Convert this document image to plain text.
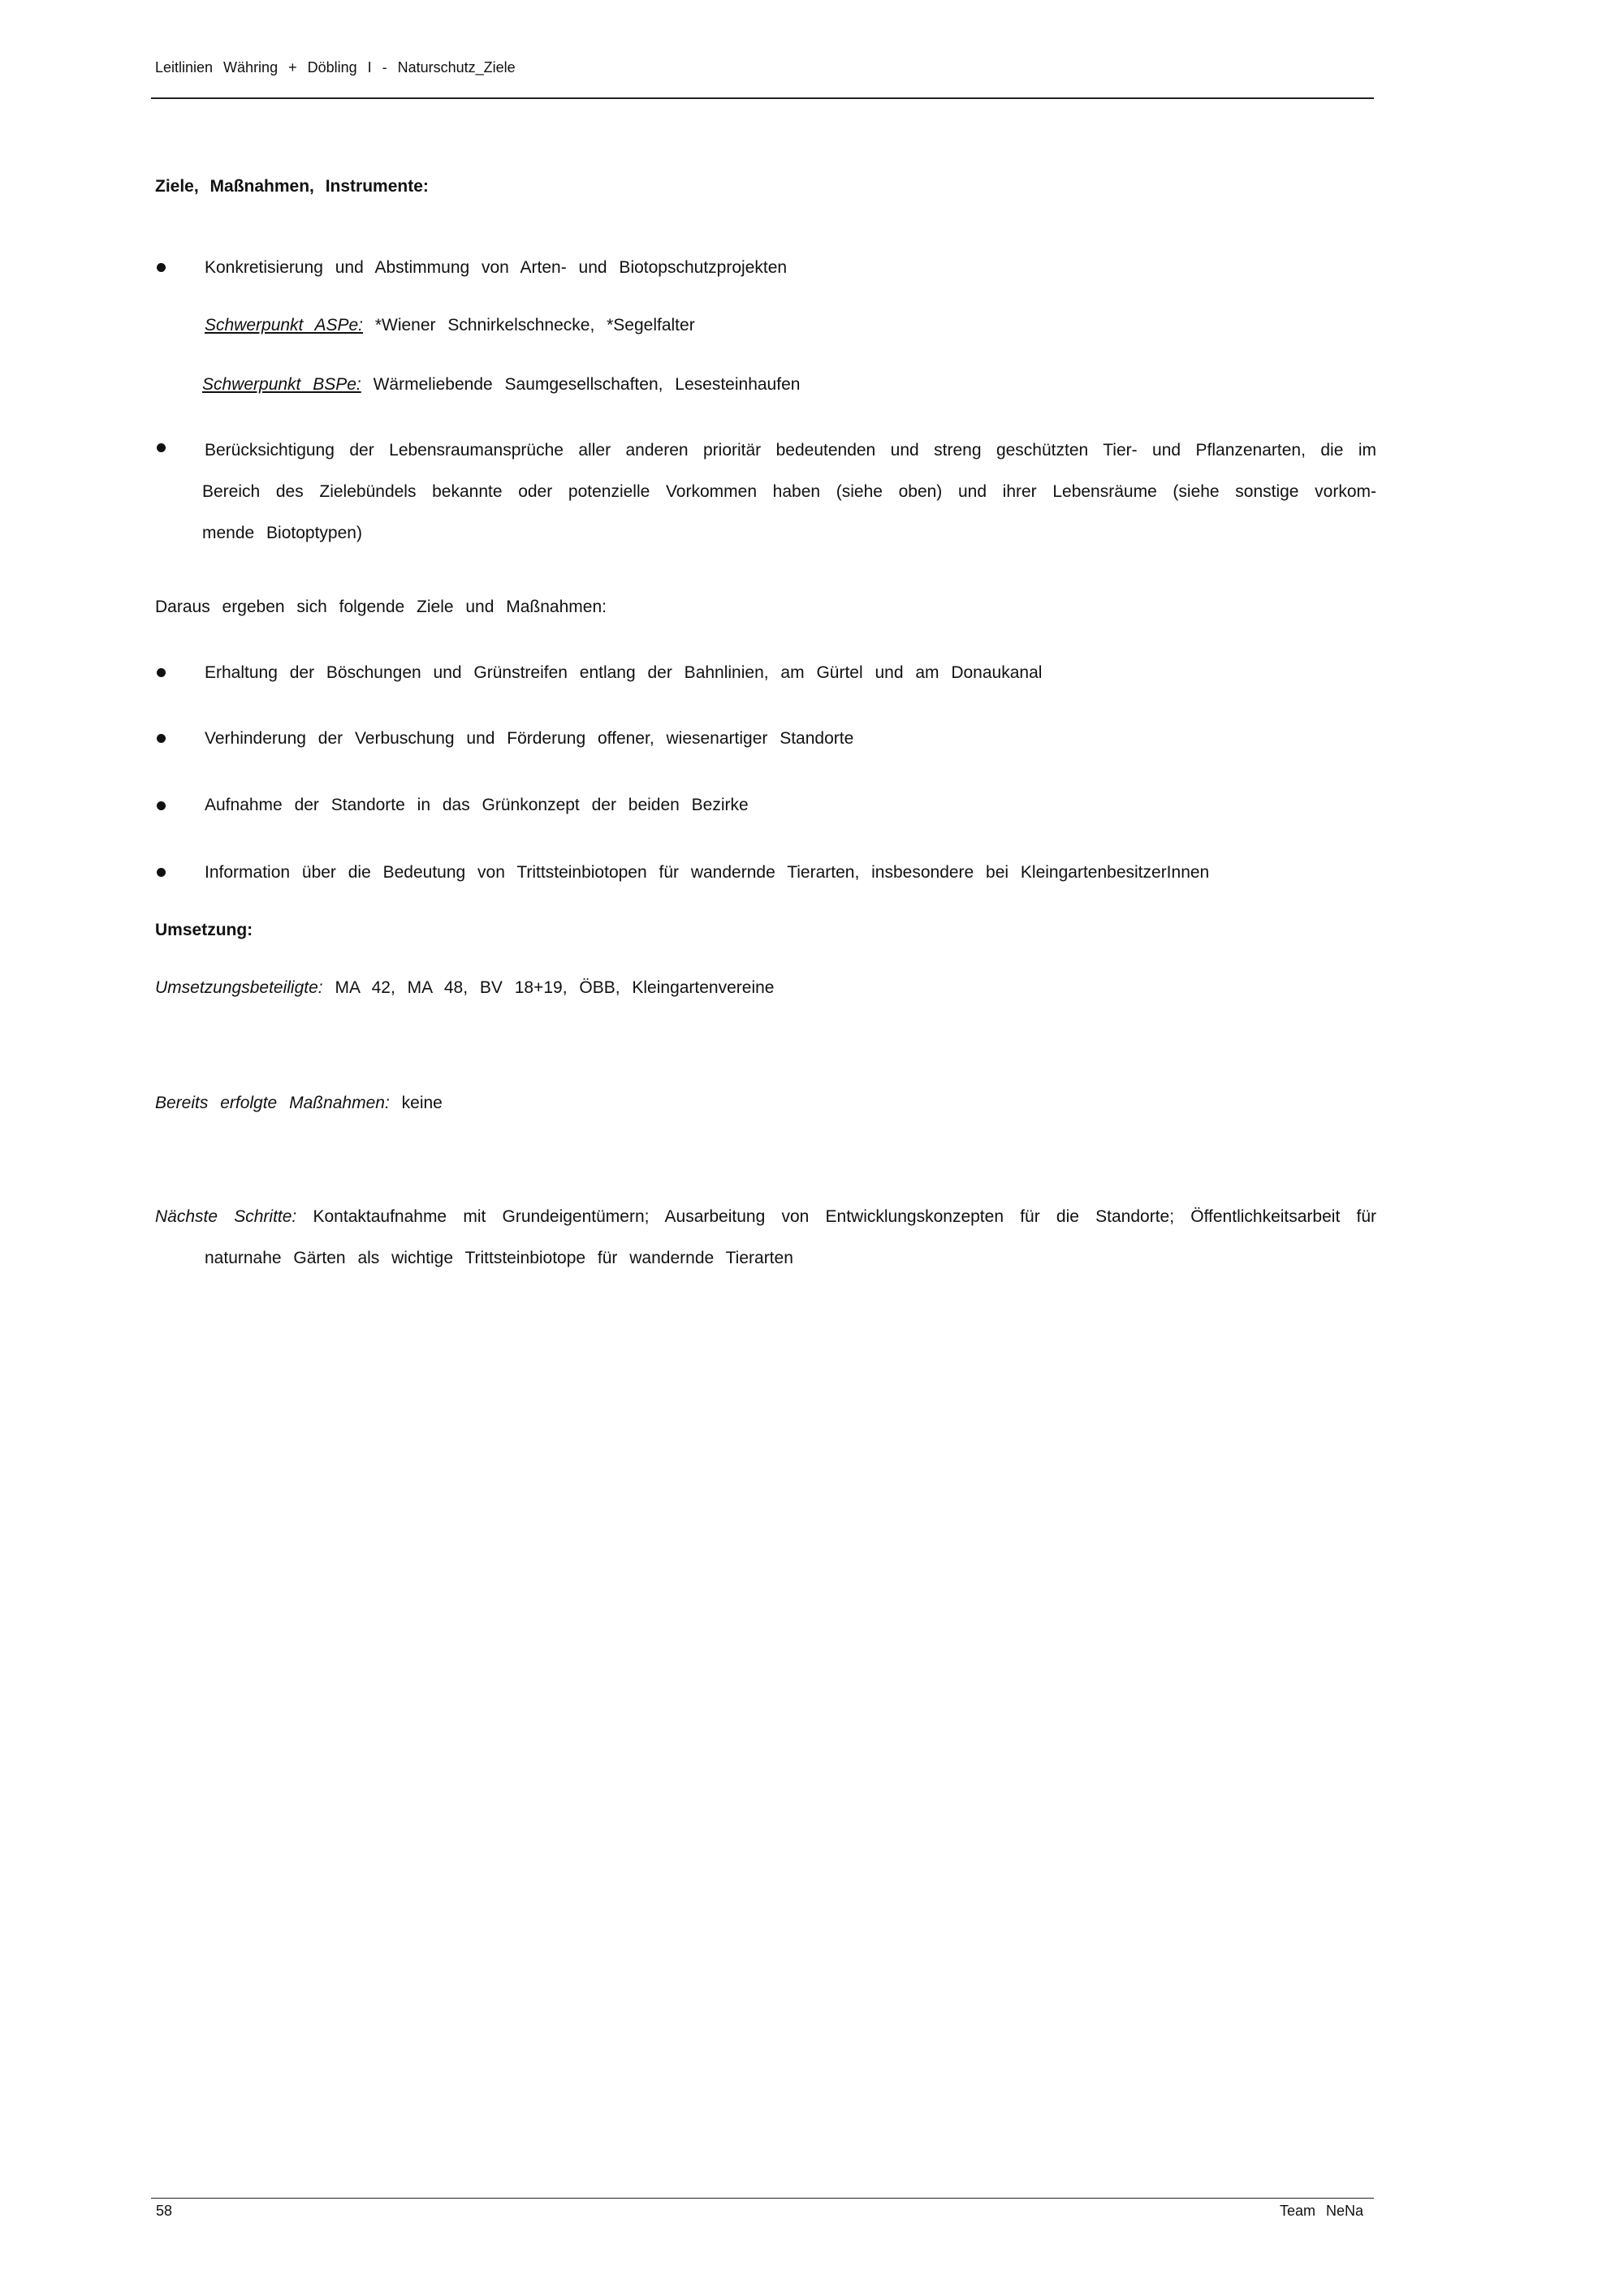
Leitlinien Währing + Döbling I - Naturschutz_Ziele
Ziele, Maßnahmen, Instrumente:
Konkretisierung und Abstimmung von Arten- und Biotopschutzprojekten
Schwerpunkt ASPe: *Wiener Schnirkelschnecke, *Segelfalter
Schwerpunkt BSPe: Wärmeliebende Saumgesellschaften, Lesesteinhaufen
Berücksichtigung der Lebensraumansprüche aller anderen prioritär bedeutenden und streng geschützten Tier- und Pflanzenarten, die im
Bereich des Zielebündels bekannte oder potenzielle Vorkommen haben (siehe oben) und ihrer Lebensräume (siehe sonstige vorkom-
mende Biotoptypen)
Daraus ergeben sich folgende Ziele und Maßnahmen:
Erhaltung der Böschungen und Grünstreifen entlang der Bahnlinien, am Gürtel und am Donaukanal
Verhinderung der Verbuschung und Förderung offener, wiesenartiger Standorte
Aufnahme der Standorte in das Grünkonzept der beiden Bezirke
Information über die Bedeutung von Trittsteinbiotopen für wandernde Tierarten, insbesondere bei KleingartenbesitzerInnen
Umsetzung:
Umsetzungsbeteiligte: MA 42, MA 48, BV 18+19, ÖBB, Kleingartenvereine
Bereits erfolgte Maßnahmen: keine
Nächste Schritte: Kontaktaufnahme mit Grundeigentümern; Ausarbeitung von Entwicklungskonzepten für die Standorte; Öffentlichkeitsarbeit für
naturnahe Gärten als wichtige Trittsteinbiotope für wandernde Tierarten
58	Team NeNa
